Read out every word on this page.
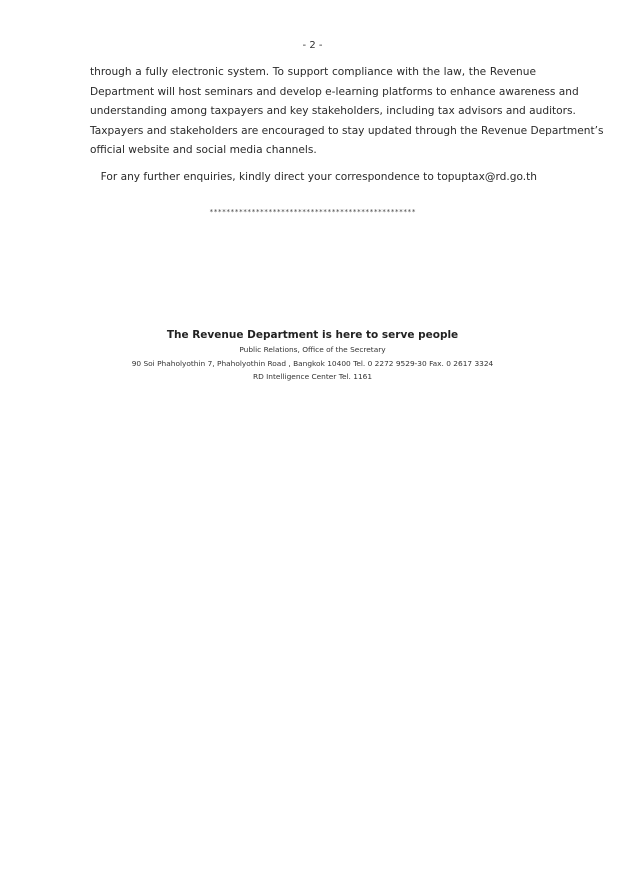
- 2 -
through a fully electronic system. To support compliance with the law, the Revenue
Department will host seminars and develop e-learning platforms to enhance awareness and
understanding among taxpayers and key stakeholders, including tax advisors and auditors.
Taxpayers and stakeholders are encouraged to stay updated through the Revenue Department’s
official website and social media channels.
For any further enquiries, kindly direct your correspondence to topuptax@rd.go.th
*************************************************
The Revenue Department is here to serve people
Public Relations, Office of the Secretary
90 Soi Phaholyothin 7, Phaholyothin Road , Bangkok 10400 Tel. 0 2272 9529-30 Fax. 0 2617 3324
RD Intelligence Center Tel. 1161
